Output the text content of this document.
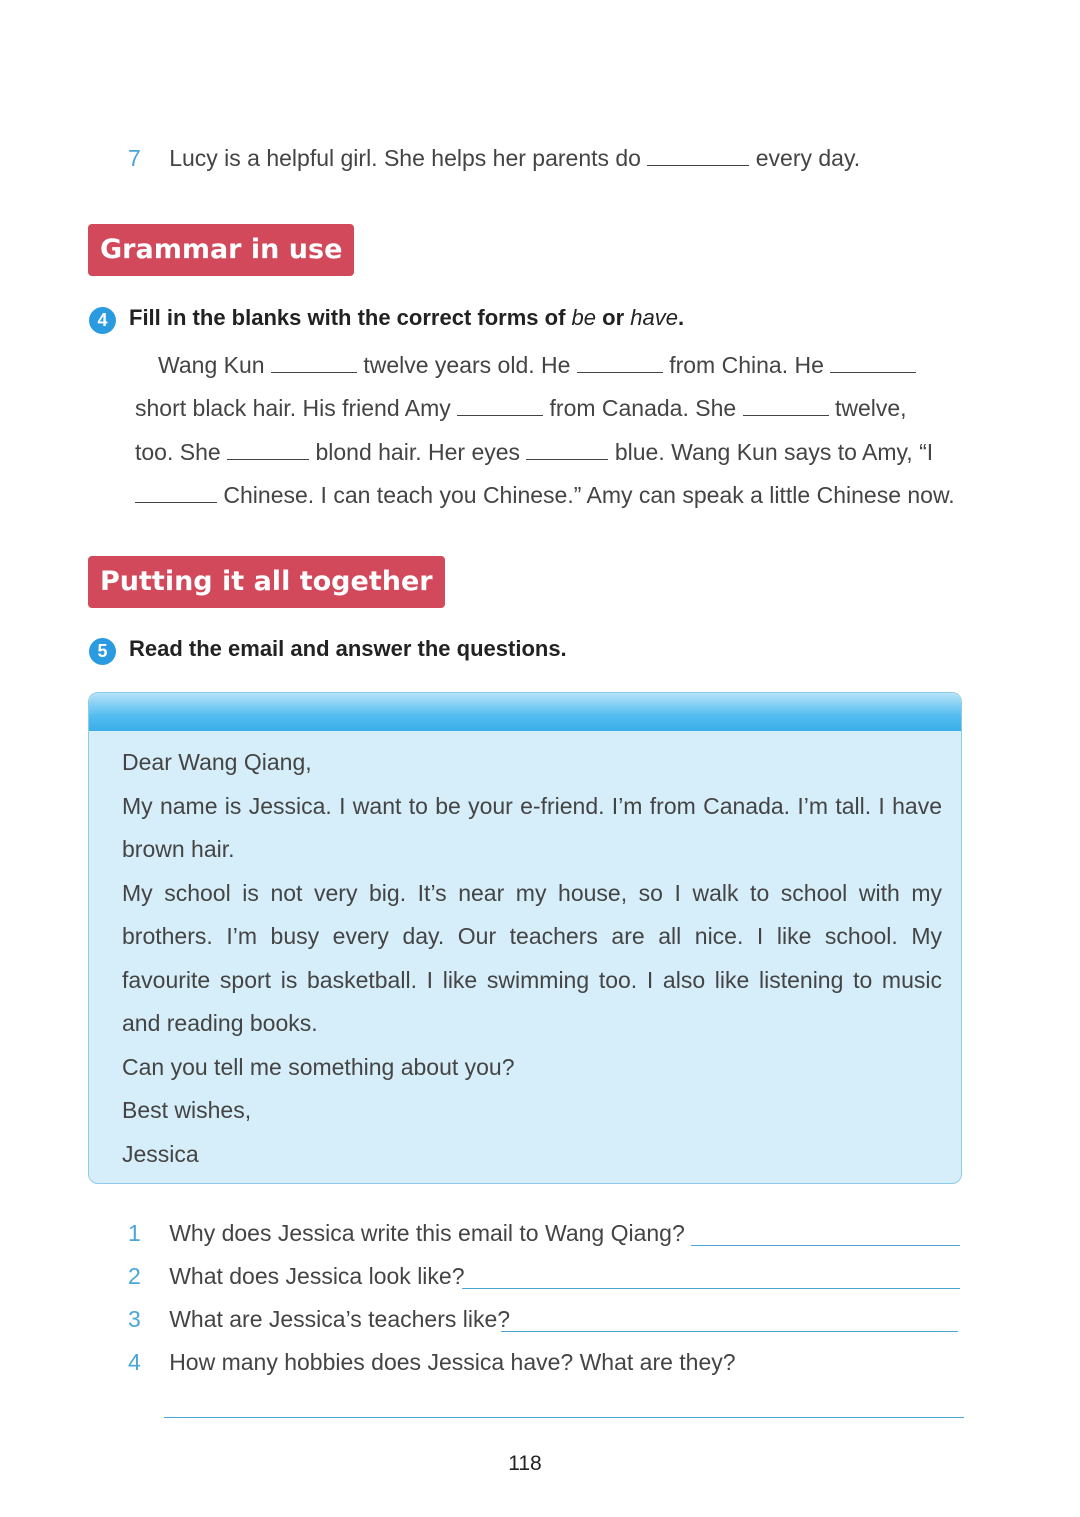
7 Lucy is a helpful girl. She helps her parents do	every day.
Grammar in use
4 Fill in the blanks with the correct forms of be or have.
Wang Kun	twelve years old. He	from China. He
short black hair. His friend Amy	from Canada. She	twelve,
too. She	blond hair. Her eyes	blue. Wang Kun says to Amy, “I
Chinese. I can teach you Chinese.” Amy can speak a little Chinese now.
Putting it all together
5 Read the email and answer the questions.

Dear Wang Qiang,

My name is Jessica. I want to be your e-friend. I’m from Canada. I’m tall. I have brown hair.

My school is not very big. It’s near my house, so I walk to school with my brothers. I’m busy every day. Our teachers are all nice. I like school. My favourite sport is basketball. I like swimming too. I also like listening to music and reading books.

Can you tell me something about you?

Best wishes,

Jessica

1 Why does Jessica write this email to Wang Qiang?
2 What does Jessica look like?
3 What are Jessica’s teachers like?
4 How many hobbies does Jessica have? What are they?
118
